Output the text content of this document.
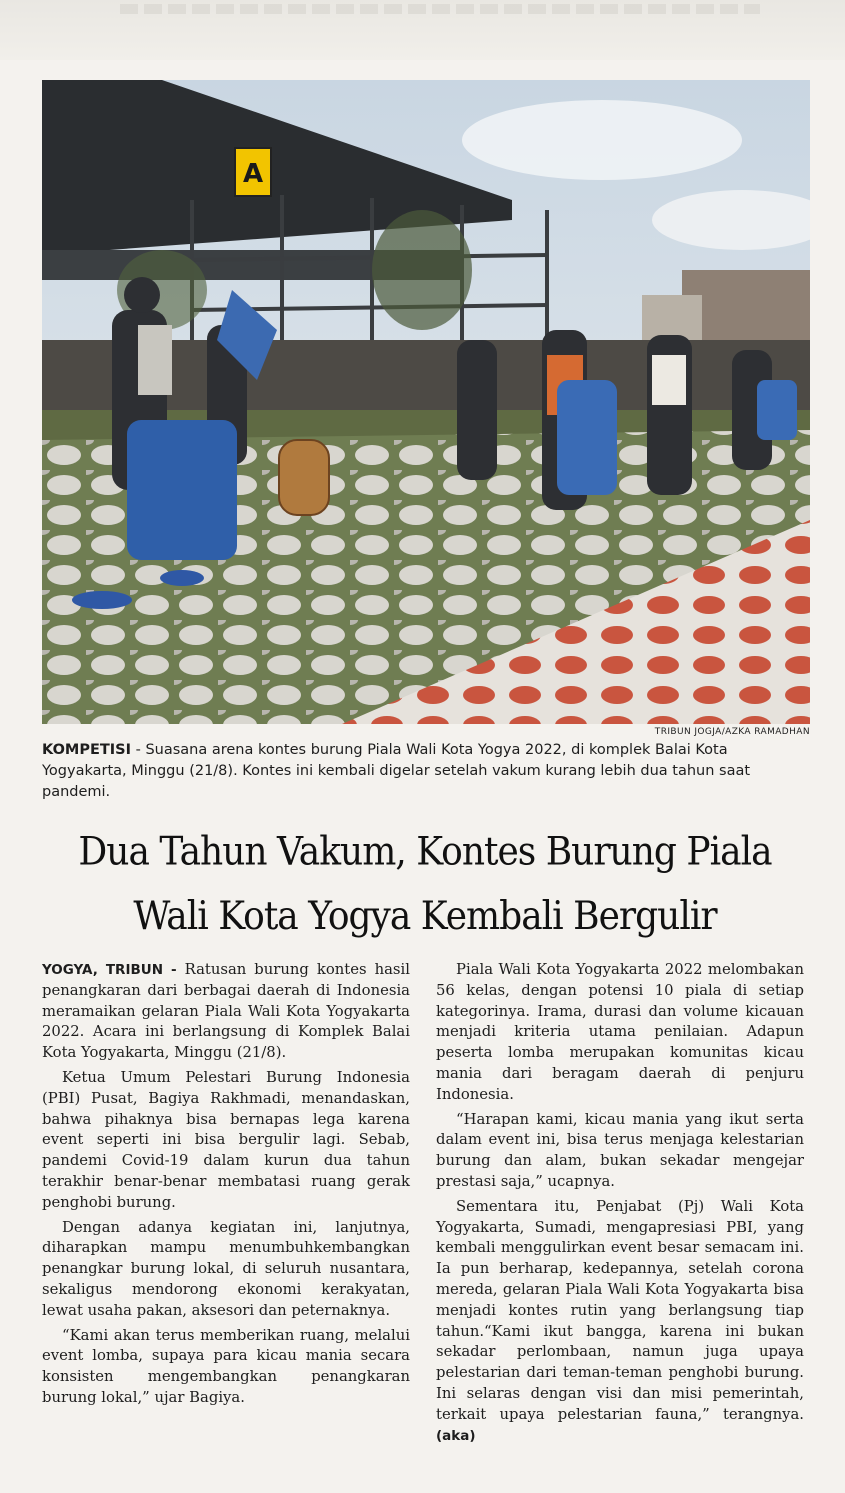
A
TRIBUN JOGJA/AZKA RAMADHAN
KOMPETISI - Suasana arena kontes burung Piala Wali Kota Yogya 2022, di komplek Balai Kota Yogyakarta, Minggu (21/8). Kontes ini kembali digelar setelah vakum kurang lebih dua tahun saat pandemi.
Dua Tahun Vakum, Kontes Burung Piala
Wali Kota Yogya Kembali Bergulir

YOGYA, TRIBUN - Ratusan burung kontes hasil penangkaran dari berbagai daerah di Indonesia meramaikan gelaran Piala Wali Kota Yogyakarta 2022. Acara ini berlangsung di Komplek Balai Kota Yogyakarta, Minggu (21/8).

Ketua Umum Pelestari Burung Indonesia (PBI) Pusat, Bagiya Rakhmadi, menandaskan, bahwa pihaknya bisa bernapas lega karena event seperti ini bisa bergulir lagi. Sebab, pandemi Covid-19 dalam kurun dua tahun terakhir benar-benar membatasi ruang gerak penghobi burung.

Dengan adanya kegiatan ini, lanjutnya, diharapkan mampu menumbuhkembangkan penangkar burung lokal, di seluruh nusantara, sekaligus mendorong ekonomi kerakyatan, lewat usaha pakan, aksesori dan peternaknya.

“Kami akan terus memberikan ruang, melalui event lomba, supaya para kicau mania secara konsisten mengembangkan penangkaran burung lokal,” ujar Bagiya.

Piala Wali Kota Yogyakarta 2022 melombakan 56 kelas, dengan potensi 10 piala di setiap kategorinya. Irama, durasi dan volume kicauan menjadi kriteria utama penilaian. Adapun peserta lomba merupakan komunitas kicau mania dari beragam daerah di penjuru Indonesia.

“Harapan kami, kicau mania yang ikut serta dalam event ini, bisa terus menjaga kelestarian burung dan alam, bukan sekadar mengejar prestasi saja,” ucapnya.

Sementara itu, Penjabat (Pj) Wali Kota Yogyakarta, Sumadi, mengapresiasi PBI, yang kembali menggulirkan event besar semacam ini. Ia pun berharap, kedepannya, setelah corona mereda, gelaran Piala Wali Kota Yogyakarta bisa menjadi kontes rutin yang berlangsung tiap tahun.“Kami ikut bangga, karena ini bukan sekadar perlombaan, namun juga upaya pelestarian dari teman-teman penghobi burung. Ini selaras dengan visi dan misi pemerintah, terkait upaya pelestarian fauna,” terangnya. (aka)
